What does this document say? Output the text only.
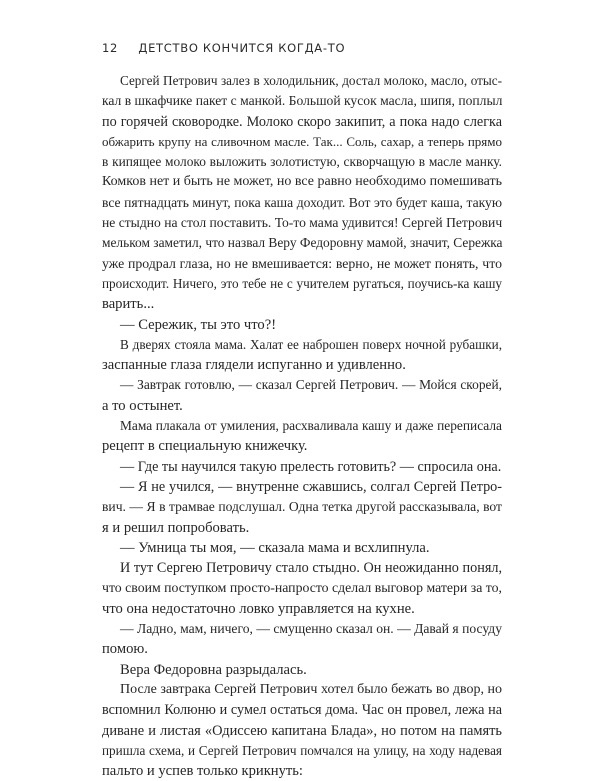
12 ДЕТСТВО КОНЧИТСЯ КОГДА-ТО
Сергей Петрович залез в холодильник, достал молоко, масло, отыс-
кал в шкафчике пакет с манкой. Большой кусок масла, шипя, поплыл
по горячей сковородке. Молоко скоро закипит, а пока надо слегка
обжарить крупу на сливочном масле. Так... Соль, сахар, а теперь прямо
в кипящее молоко выложить золотистую, скворчащую в масле манку.
Комков нет и быть не может, но все равно необходимо помешивать
все пятнадцать минут, пока каша доходит. Вот это будет каша, такую
не стыдно на стол поставить. То-то мама удивится! Сергей Петрович
мельком заметил, что назвал Веру Федоровну мамой, значит, Сережка
уже продрал глаза, но не вмешивается: верно, не может понять, что
происходит. Ничего, это тебе не с учителем ругаться, поучись-ка кашу
варить...
— Сережик, ты это что?!
В дверях стояла мама. Халат ее наброшен поверх ночной рубашки,
заспанные глаза глядели испуганно и удивленно.
— Завтрак готовлю, — сказал Сергей Петрович. — Мойся скорей,
а то остынет.
Мама плакала от умиления, расхваливала кашу и даже переписала
рецепт в специальную книжечку.
— Где ты научился такую прелесть готовить? — спросила она.
— Я не учился, — внутренне сжавшись, солгал Сергей Петро-
вич. — Я в трамвае подслушал. Одна тетка другой рассказывала, вот
я и решил попробовать.
— Умница ты моя, — сказала мама и всхлипнула.
И тут Сергею Петровичу стало стыдно. Он неожиданно понял,
что своим поступком просто-напросто сделал выговор матери за то,
что она недостаточно ловко управляется на кухне.
— Ладно, мам, ничего, — смущенно сказал он. — Давай я посуду
помою.
Вера Федоровна разрыдалась.
После завтрака Сергей Петрович хотел было бежать во двор, но
вспомнил Колюню и сумел остаться дома. Час он провел, лежа на
диване и листая «Одиссею капитана Блада», но потом на память
пришла схема, и Сергей Петрович помчался на улицу, на ходу надевая
пальто и успев только крикнуть:
